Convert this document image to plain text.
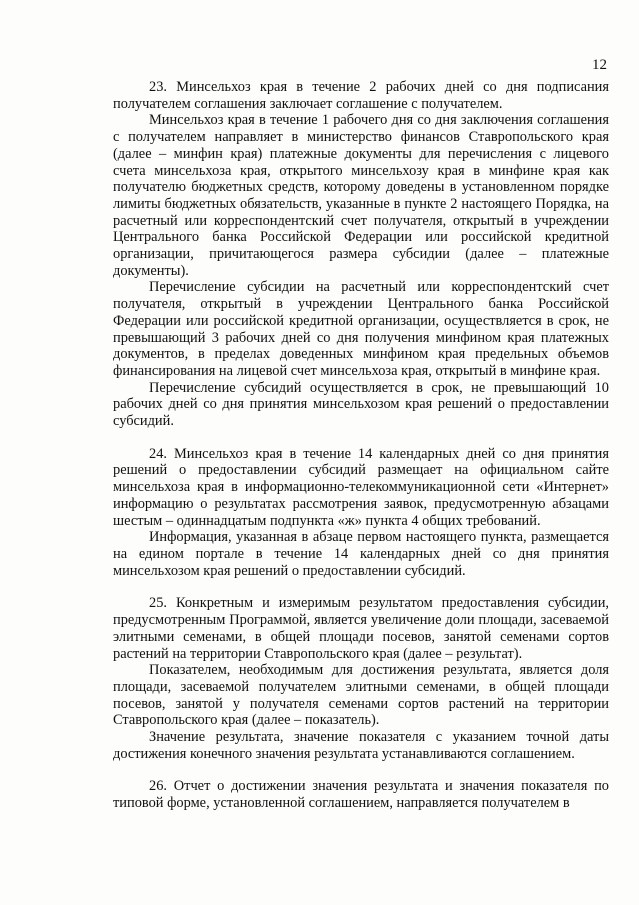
12

23. Минсельхоз края в течение 2 рабочих дней со дня подписания получателем соглашения заключает соглашение с получателем.

Минсельхоз края в течение 1 рабочего дня со дня заключения соглашения с получателем направляет в министерство финансов Ставропольского края (далее – минфин края) платежные документы для перечисления с лицевого счета минсельхоза края, открытого минсельхозу края в минфине края как получателю бюджетных средств, которому доведены в установленном порядке лимиты бюджетных обязательств, указанные в пункте 2 настоящего Порядка, на расчетный или корреспондентский счет получателя, открытый в учреждении Центрального банка Российской Федерации или российской кредитной организации, причитающегося размера субсидии (далее – платежные документы).

Перечисление субсидии на расчетный или корреспондентский счет получателя, открытый в учреждении Центрального банка Российской Федерации или российской кредитной организации, осуществляется в срок, не превышающий 3 рабочих дней со дня получения минфином края платежных документов, в пределах доведенных минфином края предельных объемов финансирования на лицевой счет минсельхоза края, открытый в минфине края.

Перечисление субсидий осуществляется в срок, не превышающий 10 рабочих дней со дня принятия минсельхозом края решений о предоставлении субсидий.

24. Минсельхоз края в течение 14 календарных дней со дня принятия решений о предоставлении субсидий размещает на официальном сайте минсельхоза края в информационно-телекоммуникационной сети «Интернет» информацию о результатах рассмотрения заявок, предусмотренную абзацами шестым – одиннадцатым подпункта «ж» пункта 4 общих требований.

Информация, указанная в абзаце первом настоящего пункта, размещается на едином портале в течение 14 календарных дней со дня принятия минсельхозом края решений о предоставлении субсидий.

25. Конкретным и измеримым результатом предоставления субсидии, предусмотренным Программой, является увеличение доли площади, засеваемой элитными семенами, в общей площади посевов, занятой семенами сортов растений на территории Ставропольского края (далее – результат).

Показателем, необходимым для достижения результата, является доля площади, засеваемой получателем элитными семенами, в общей площади посевов, занятой у получателя семенами сортов растений на территории Ставропольского края (далее – показатель).

Значение результата, значение показателя с указанием точной даты достижения конечного значения результата устанавливаются соглашением.

26. Отчет о достижении значения результата и значения показателя по типовой форме, установленной соглашением, направляется получателем в
